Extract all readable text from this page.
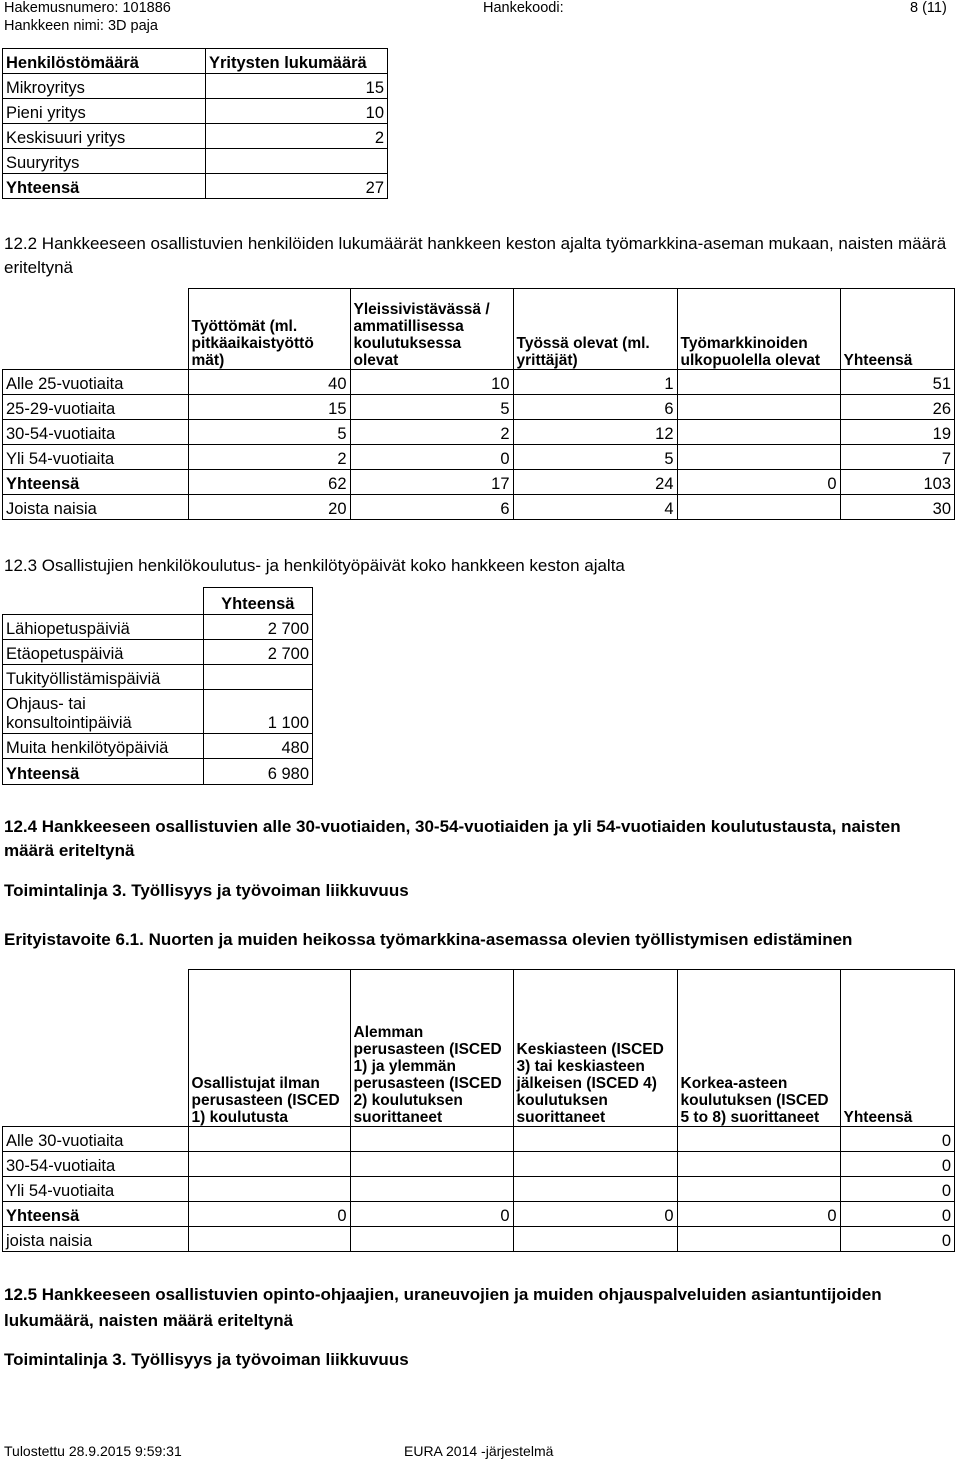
Hakemusnumero: 101886	Hankekoodi:	8 (11)
Hankkeen nimi: 3D paja
Henkilöstömäärä	Yritysten lukumäärä
Mikroyritys	15
Pieni yritys	10
Keskisuuri yritys	2
Suuryritys	
Yhteensä	27
12.2 Hankkeeseen osallistuvien henkilöiden lukumäärät hankkeen keston ajalta työmarkkina-aseman mukaan, naisten määrä eriteltynä
	Työttömät (ml. pitkäaikaistyöttö mät)	Yleissivistävässä / ammatillisessa koulutuksessa olevat	Työssä olevat (ml. yrittäjät)	Työmarkkinoiden ulkopuolella olevat	Yhteensä
Alle 25-vuotiaita	40	10	1		51
25-29-vuotiaita	15	5	6		26
30-54-vuotiaita	5	2	12		19
Yli 54-vuotiaita	2	0	5		7
Yhteensä	62	17	24	0	103
Joista naisia	20	6	4		30
12.3 Osallistujien henkilökoulutus- ja henkilötyöpäivät koko hankkeen keston ajalta
	Yhteensä
Lähiopetuspäiviä	2 700
Etäopetuspäiviä	2 700
Tukityöllistämispäiviä	
Ohjaus- tai konsultointipäiviä	1 100
Muita henkilötyöpäiviä	480
Yhteensä	6 980
12.4 Hankkeeseen osallistuvien alle 30-vuotiaiden, 30-54-vuotiaiden ja yli 54-vuotiaiden koulutustausta, naisten määrä eriteltynä
Toimintalinja 3. Työllisyys ja työvoiman liikkuvuus
Erityistavoite 6.1. Nuorten ja muiden heikossa työmarkkina-asemassa olevien työllistymisen edistäminen
	Osallistujat ilman perusasteen (ISCED 1) koulutusta	Alemman perusasteen (ISCED 1) ja ylemmän perusasteen (ISCED 2) koulutuksen suorittaneet	Keskiasteen (ISCED 3) tai keskiasteen jälkeisen (ISCED 4) koulutuksen suorittaneet	Korkea-asteen koulutuksen (ISCED 5 to 8) suorittaneet	Yhteensä
Alle 30-vuotiaita					0
30-54-vuotiaita					0
Yli 54-vuotiaita					0
Yhteensä	0	0	0	0	0
joista naisia					0
12.5 Hankkeeseen osallistuvien opinto-ohjaajien, uraneuvojien ja muiden ohjauspalveluiden asiantuntijoiden lukumäärä, naisten määrä eriteltynä
Toimintalinja 3. Työllisyys ja työvoiman liikkuvuus
Tulostettu 28.9.2015 9:59:31	EURA 2014 -järjestelmä
